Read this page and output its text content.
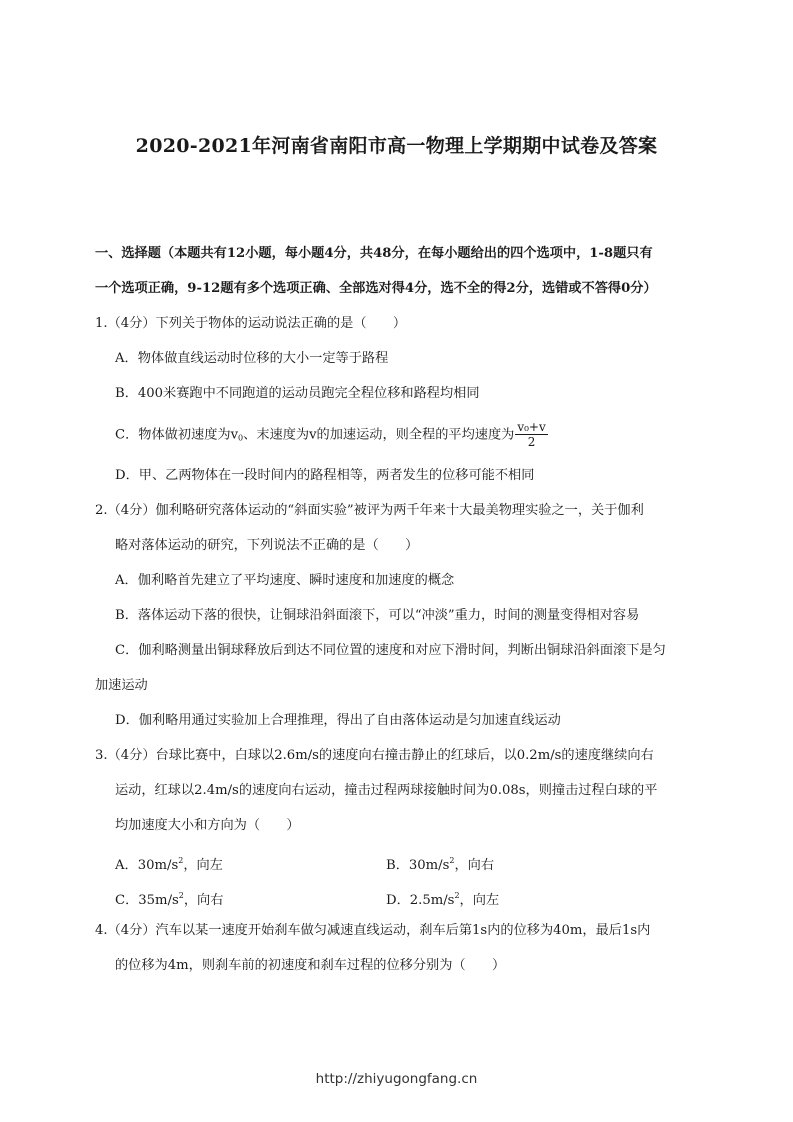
2020-2021年河南省南阳市高一物理上学期期中试卷及答案
一、选择题（本题共有12小题，每小题4分，共48分，在每小题给出的四个选项中，1-8题只有
一个选项正确，9-12题有多个选项正确、全部选对得4分，选不全的得2分，选错或不答得0分）
1.（4分）下列关于物体的运动说法正确的是（　　）
A．物体做直线运动时位移的大小一定等于路程
B．400米赛跑中不同跑道的运动员跑完全程位移和路程均相同
C．物体做初速度为$v_0$、末速度为v的加速运动，则全程的平均速度为 $\frac{\text{v₀+v}}{2}$
D．甲、乙两物体在一段时间内的路程相等，两者发生的位移可能不相同
2.（4分）伽利略研究落体运动的“斜面实验”被评为两千年来十大最美物理实验之一，关于伽利
略对落体运动的研究，下列说法不正确的是（　　）
A．伽利略首先建立了平均速度、瞬时速度和加速度的概念
B．落体运动下落的很快，让铜球沿斜面滚下，可以“冲淡”重力，时间的测量变得相对容易
C．伽利略测量出铜球释放后到达不同位置的速度和对应下滑时间，判断出铜球沿斜面滚下是匀
加速运动
D．伽利略用通过实验加上合理推理，得出了自由落体运动是匀加速直线运动
3.（4分）台球比赛中，白球以2.6m/s的速度向右撞击静止的红球后，以0.2m/s的速度继续向右
运动，红球以2.4m/s的速度向右运动，撞击过程两球接触时间为0.08s，则撞击过程白球的平
均加速度大小和方向为（　　）
A．$30m/s^2$，向左	B．$30m/s^2$，向右
C．$35m/s^2$，向右	D．$2.5m/s^2$，向左
4.（4分）汽车以某一速度开始刹车做匀减速直线运动，刹车后第1s内的位移为40m，最后1s内
的位移为4m，则刹车前的初速度和刹车过程的位移分别为（　　）
http://zhiyugongfang.cn
